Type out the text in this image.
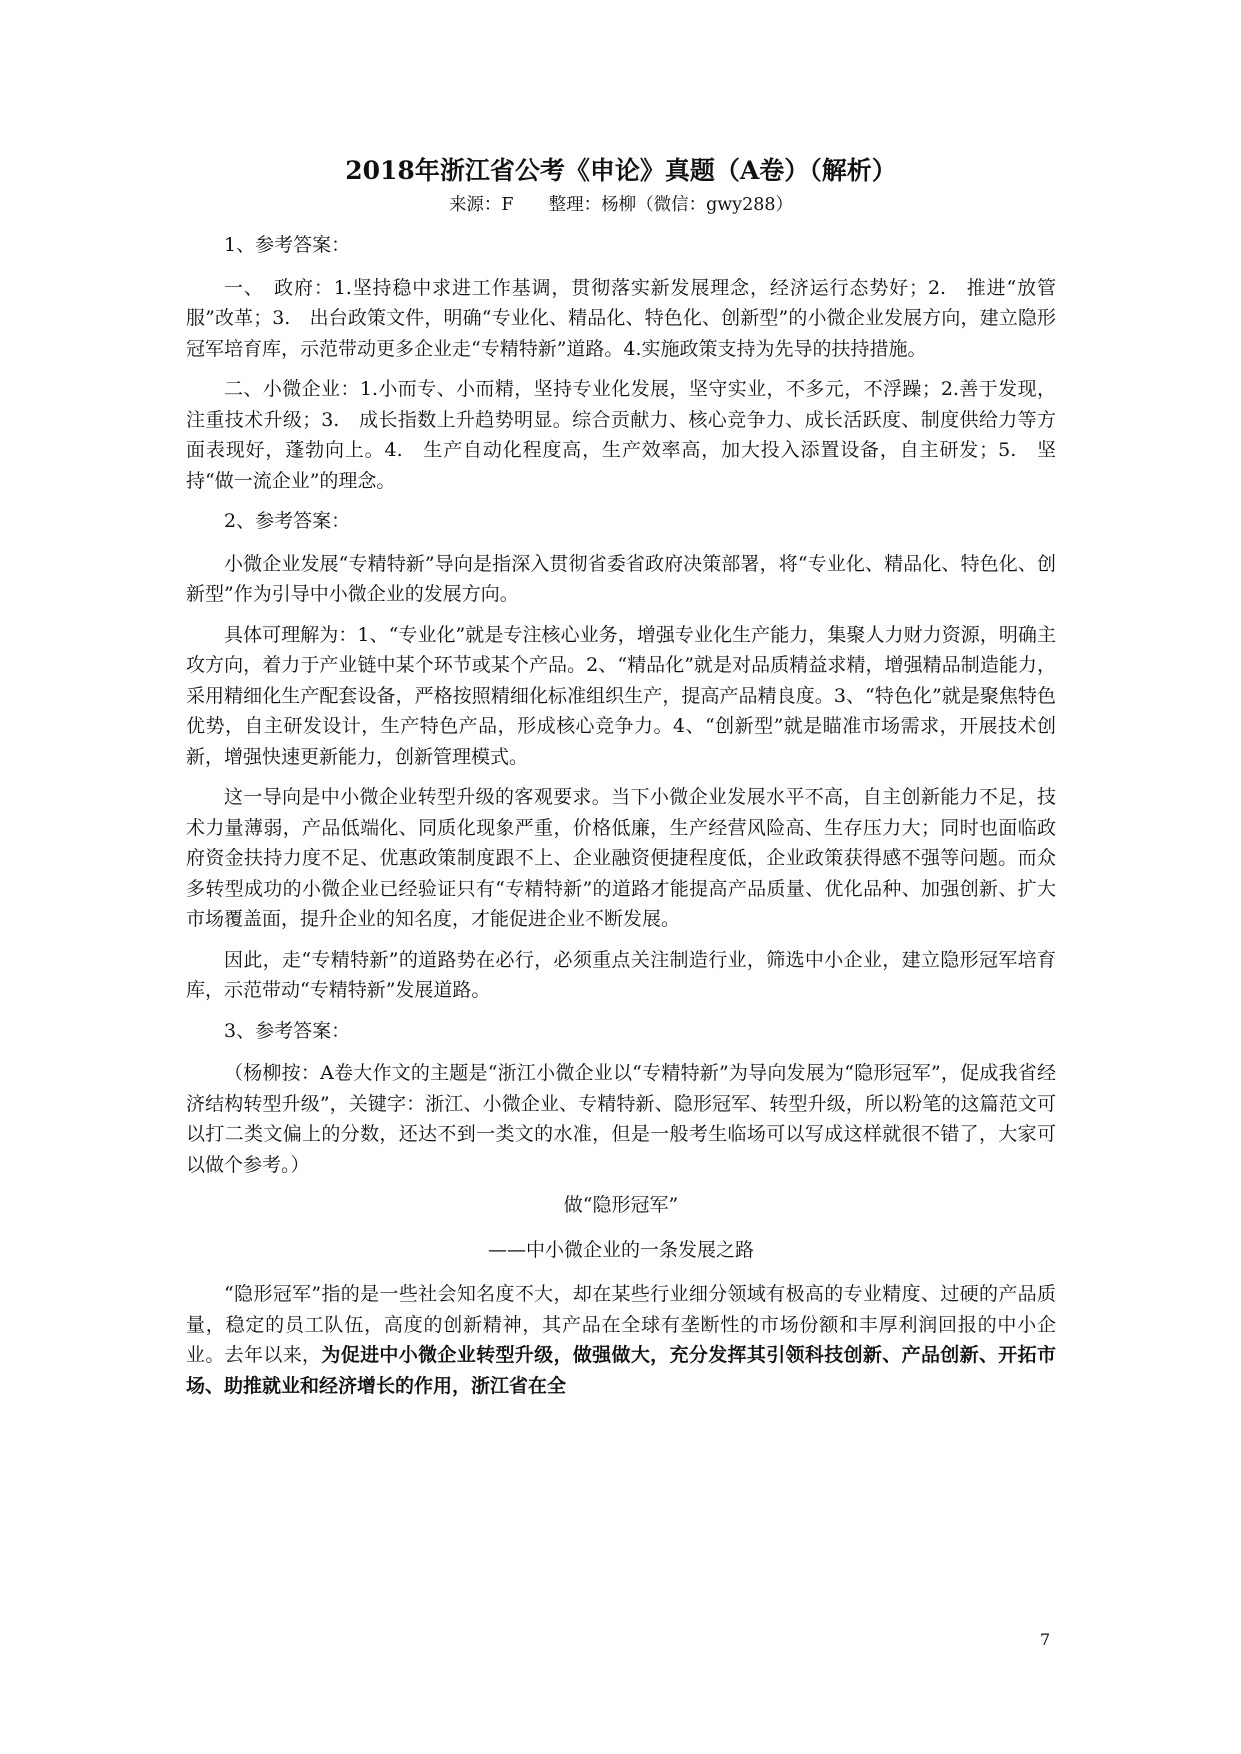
2018年浙江省公考《申论》真题（A卷）（解析）
来源：F　　整理：杨柳（微信：gwy288）

1、参考答案：

一、　政府：1.坚持稳中求进工作基调，贯彻落实新发展理念，经济运行态势好；2.　推进“放管服”改革；3.　出台政策文件，明确“专业化、精品化、特色化、创新型”的小微企业发展方向，建立隐形冠军培育库，示范带动更多企业走“专精特新”道路。4.实施政策支持为先导的扶持措施。

二、小微企业：1.小而专、小而精，坚持专业化发展，坚守实业，不多元，不浮躁；2.善于发现，注重技术升级；3.　成长指数上升趋势明显。综合贡献力、核心竞争力、成长活跃度、制度供给力等方面表现好，蓬勃向上。4.　生产自动化程度高，生产效率高，加大投入添置设备，自主研发；5.　坚持“做一流企业”的理念。

2、参考答案：

小微企业发展“专精特新”导向是指深入贯彻省委省政府决策部署，将“专业化、精品化、特色化、创新型”作为引导中小微企业的发展方向。

具体可理解为：1、“专业化”就是专注核心业务，增强专业化生产能力，集聚人力财力资源，明确主攻方向，着力于产业链中某个环节或某个产品。2、“精品化”就是对品质精益求精，增强精品制造能力，采用精细化生产配套设备，严格按照精细化标准组织生产，提高产品精良度。3、“特色化”就是聚焦特色优势，自主研发设计，生产特色产品，形成核心竞争力。4、“创新型”就是瞄准市场需求，开展技术创新，增强快速更新能力，创新管理模式。

这一导向是中小微企业转型升级的客观要求。当下小微企业发展水平不高，自主创新能力不足，技术力量薄弱，产品低端化、同质化现象严重，价格低廉，生产经营风险高、生存压力大；同时也面临政府资金扶持力度不足、优惠政策制度跟不上、企业融资便捷程度低，企业政策获得感不强等问题。而众多转型成功的小微企业已经验证只有“专精特新”的道路才能提高产品质量、优化品种、加强创新、扩大市场覆盖面，提升企业的知名度，才能促进企业不断发展。

因此，走“专精特新”的道路势在必行，必须重点关注制造行业，筛选中小企业，建立隐形冠军培育库，示范带动“专精特新”发展道路。

3、参考答案：

（杨柳按：A卷大作文的主题是“浙江小微企业以“专精特新”为导向发展为“隐形冠军”，促成我省经济结构转型升级”，关键字：浙江、小微企业、专精特新、隐形冠军、转型升级，所以粉笔的这篇范文可以打二类文偏上的分数，还达不到一类文的水准，但是一般考生临场可以写成这样就很不错了，大家可以做个参考。）

做“隐形冠军”

——中小微企业的一条发展之路

“隐形冠军”指的是一些社会知名度不大，却在某些行业细分领域有极高的专业精度、过硬的产品质量，稳定的员工队伍，高度的创新精神，其产品在全球有垄断性的市场份额和丰厚利润回报的中小企业。去年以来，为促进中小微企业转型升级，做强做大，充分发挥其引领科技创新、产品创新、开拓市场、助推就业和经济增长的作用，浙江省在全

7
